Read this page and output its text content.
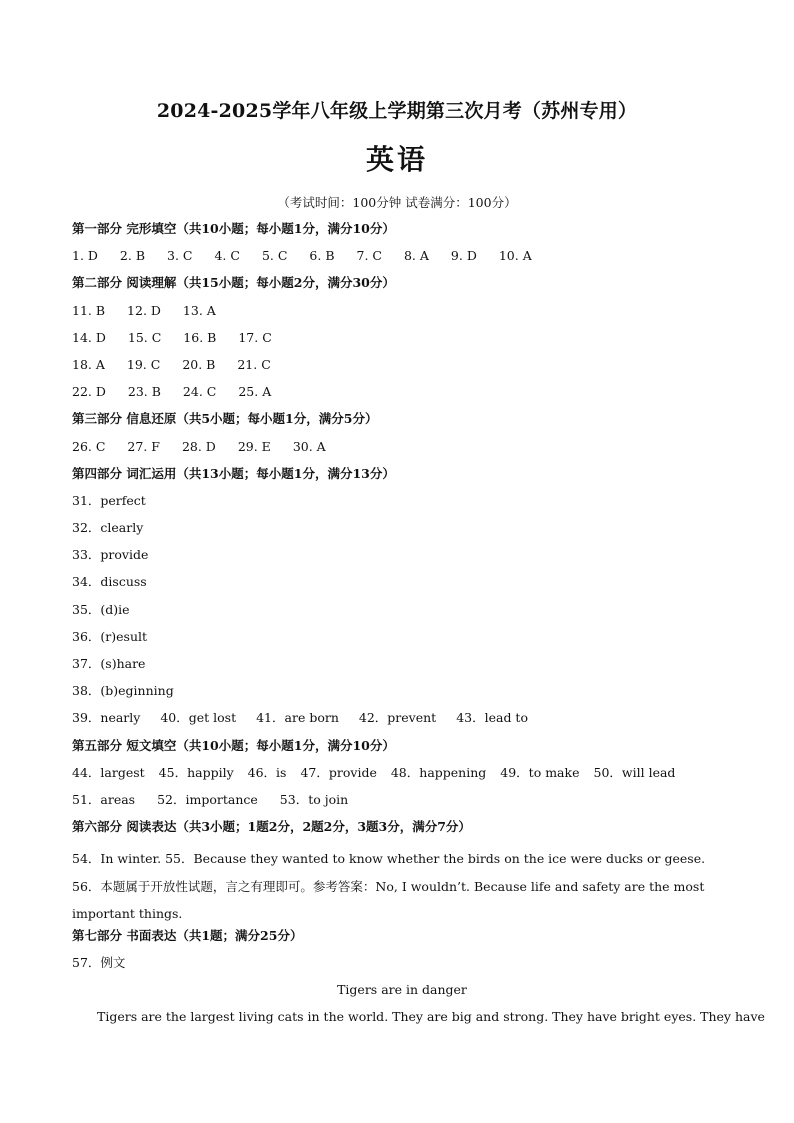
2024-2025学年八年级上学期第三次月考（苏州专用）
英语
（考试时间：100分钟 试卷满分：100分）
第一部分 完形填空（共10小题；每小题1分，满分10分）
1. D 2. B 3. C 4. C 5. C 6. B 7. C 8. A 9. D 10. A
第二部分 阅读理解（共15小题；每小题2分，满分30分）
11. B 12. D 13. A
14. D 15. C 16. B 17. C
18. A 19. C 20. B 21. C
22. D 23. B 24. C 25. A
第三部分 信息还原（共5小题；每小题1分，满分5分）
26. C 27. F 28. D 29. E 30. A
第四部分 词汇运用（共13小题；每小题1分，满分13分）
31．perfect
32．clearly
33．provide
34．discuss
35．(d)ie
36．(r)esult
37．(s)hare
38．(b)eginning
39．nearly 40．get lost 41．are born 42．prevent 43．lead to
第五部分 短文填空（共10小题；每小题1分，满分10分）
44．largest 45．happily 46．is 47．provide 48．happening 49．to make 50．will lead
51．areas 52．importance 53．to join
第六部分 阅读表达（共3小题；1题2分，2题2分，3题3分，满分7分）
54．In winter. 55．Because they wanted to know whether the birds on the ice were ducks or geese. 56．本题属于开放性试题，言之有理即可。参考答案：No, I wouldn’t. Because life and safety are the most important things.
第七部分 书面表达（共1题；满分25分）
57．例文
Tigers are in danger
Tigers are the largest living cats in the world. They are big and strong. They have bright eyes. They have
